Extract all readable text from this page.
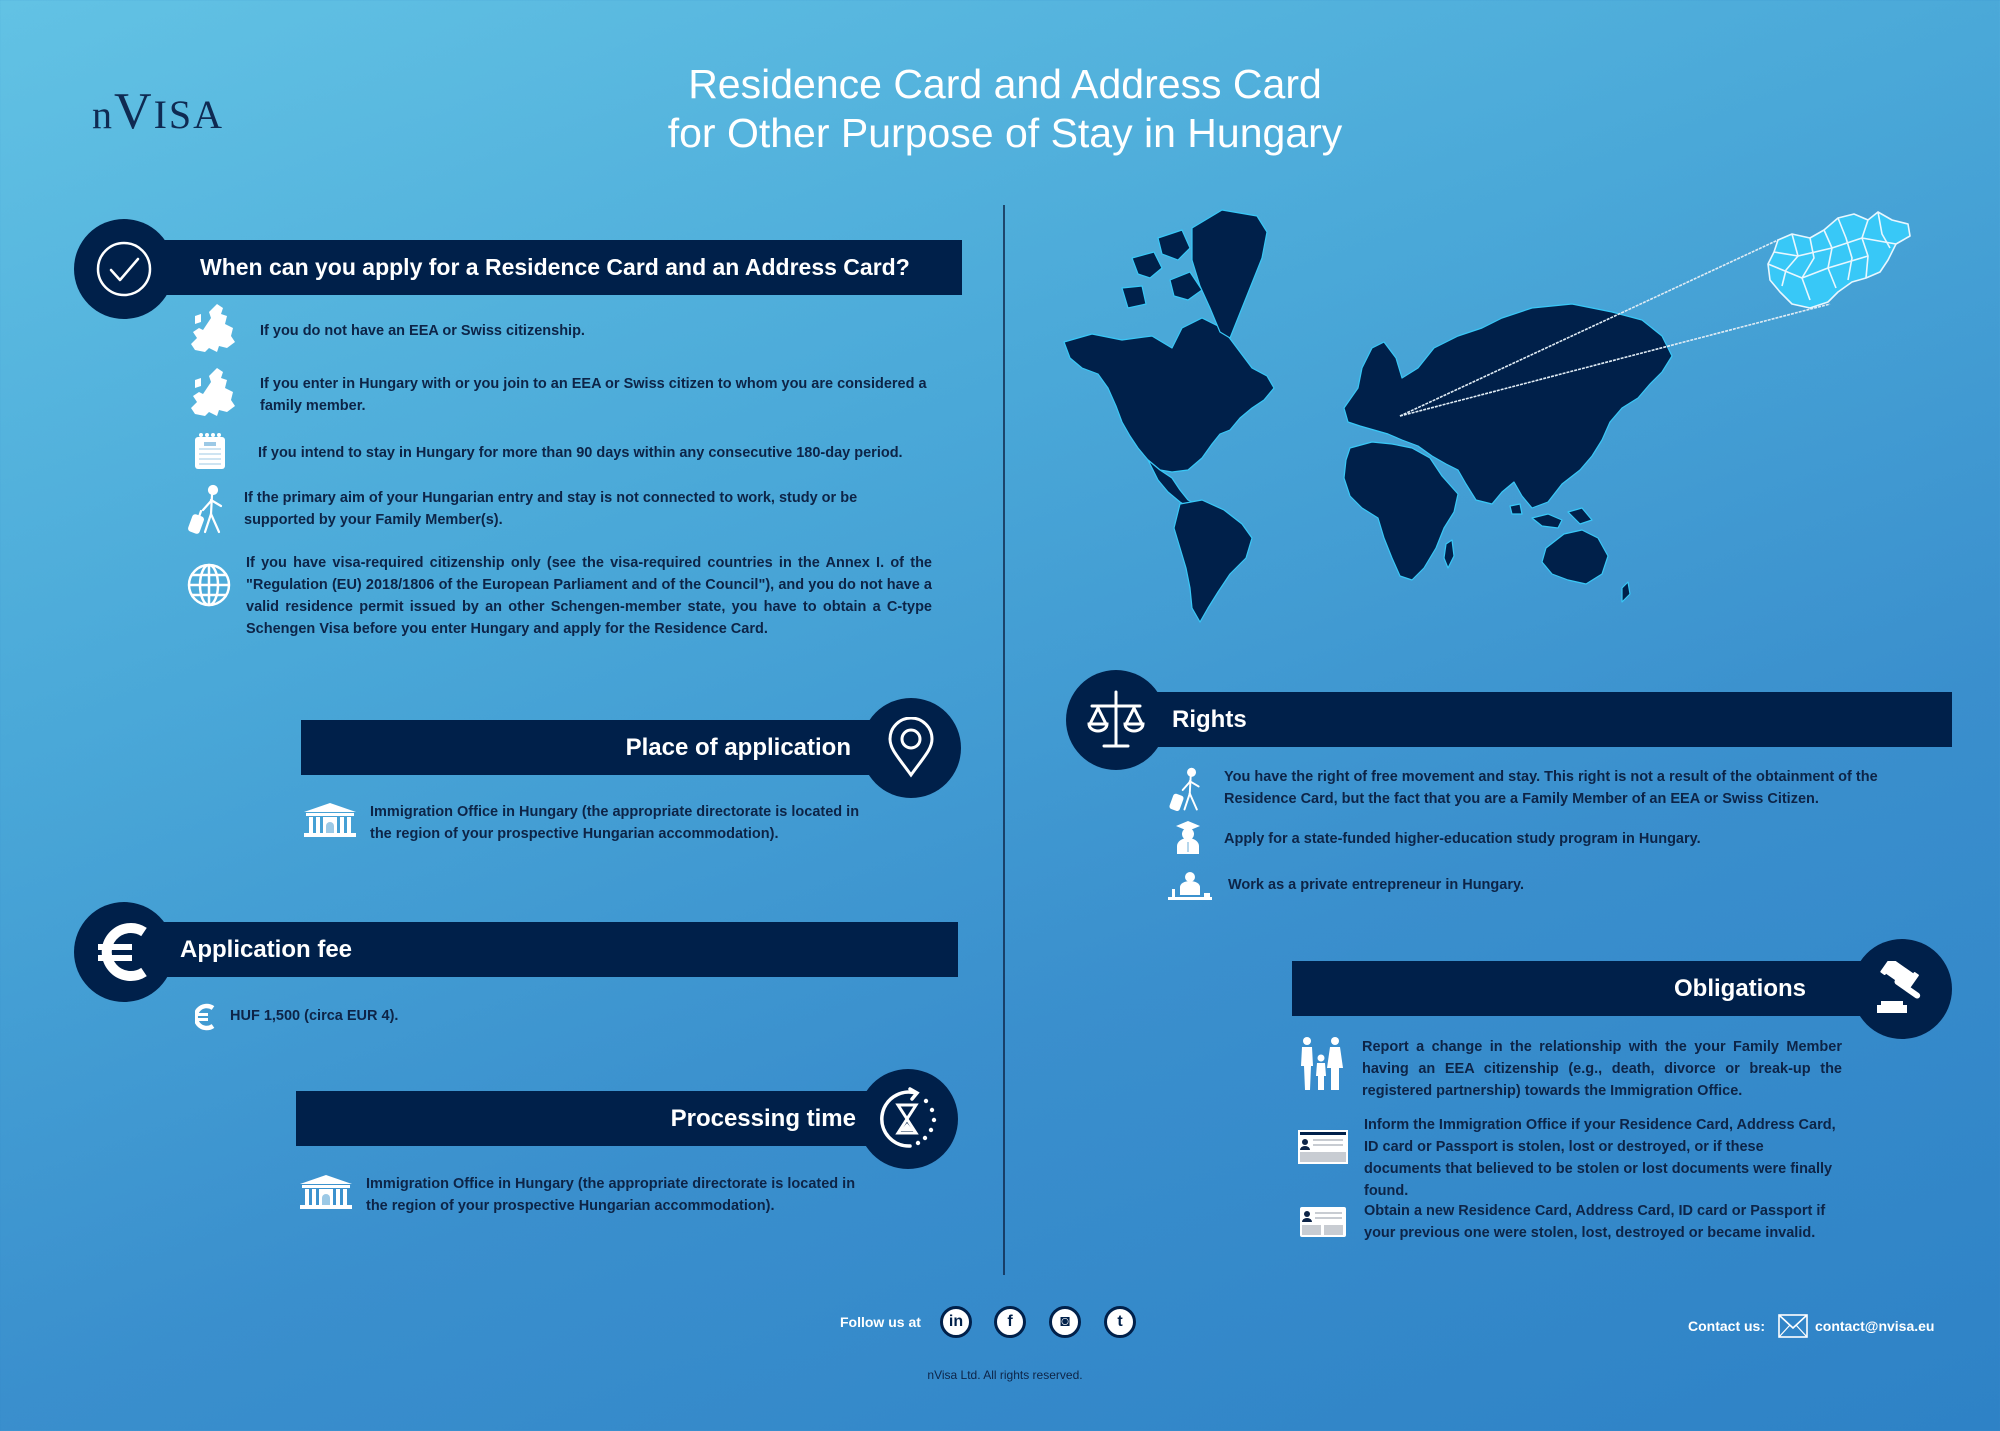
nVISA
Residence Card and Address Card
for Other Purpose of Stay in Hungary
When can you apply for a Residence Card and an Address Card?
If you do not have an EEA or Swiss citizenship.
If you enter in Hungary with or you join to an EEA or Swiss citizen to whom you are considered a family member.
If you intend to stay in Hungary for more than 90 days within any consecutive 180-day period.
If the primary aim of your Hungarian entry and stay is not connected to work, study or be supported by your Family Member(s).
If you have visa-required citizenship only (see the visa-required countries in the Annex I. of the "Regulation (EU) 2018/1806 of the European Parliament and of the Council"), and you do not have a valid residence permit issued by an other Schengen-member state, you have to obtain a C-type Schengen Visa before you enter Hungary and apply for the Residence Card.
Place of application
Immigration Office in Hungary (the appropriate directorate is located in the region of your prospective Hungarian accommodation).
Application fee
HUF 1,500 (circa EUR 4).
Processing time
Immigration Office in Hungary (the appropriate directorate is located in the region of your prospective Hungarian accommodation).
Rights
You have the right of free movement and stay. This right is not a result of the obtainment of the Residence Card, but the fact that you are a Family Member of an EEA or Swiss Citizen.
Apply for a state-funded higher-education study program in Hungary.
Work as a private entrepreneur in Hungary.
Obligations
Report a change in the relationship with the your Family Member having an EEA citizenship (e.g., death, divorce or break-up the registered partnership) towards the Immigration Office.
Inform the Immigration Office if your Residence Card, Address Card, ID card or Passport is stolen, lost or destroyed, or if these documents that believed to be stolen or lost documents were finally found.
Obtain a new Residence Card, Address Card, ID card or Passport if your previous one were stolen, lost, destroyed or became invalid.
Follow us at in	f	◙	t	Contact us:	contact@nvisa.eu
nVisa Ltd. All rights reserved.
